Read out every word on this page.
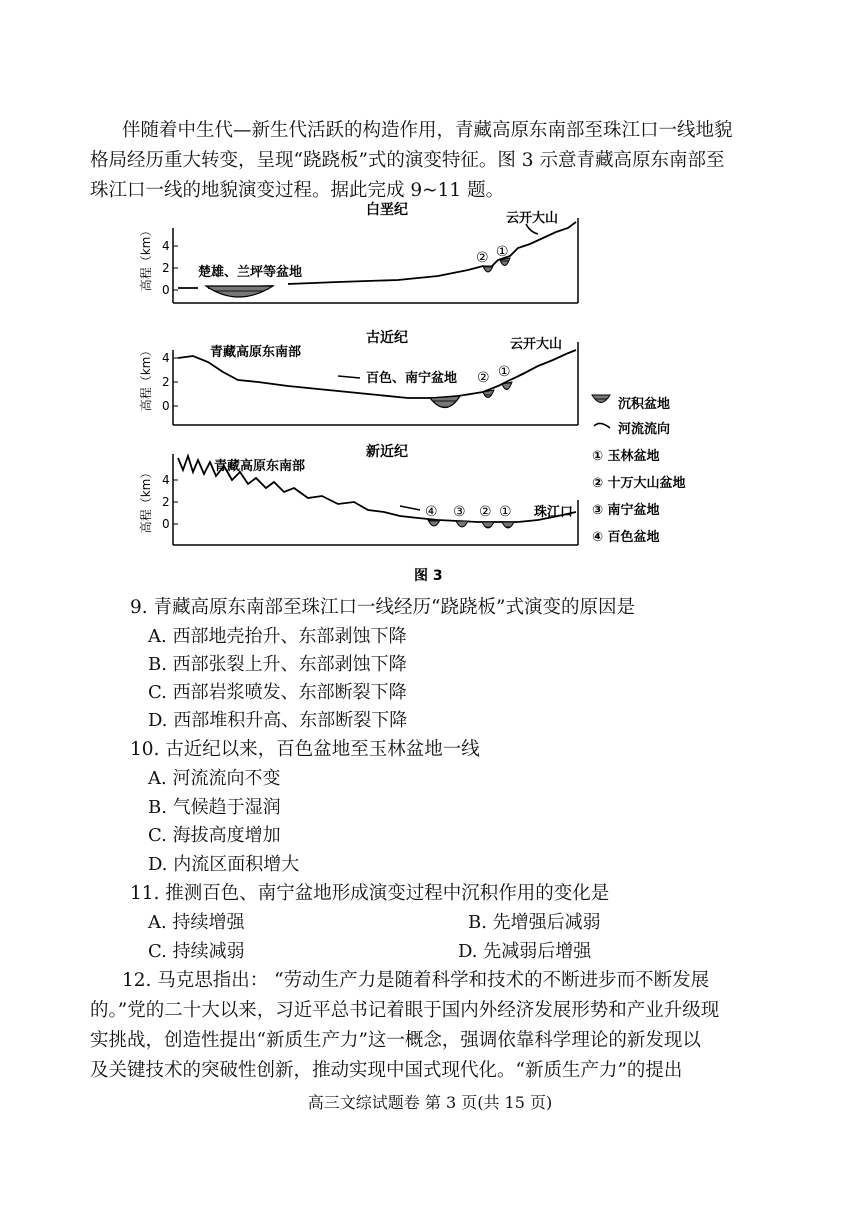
伴随着中生代—新生代活跃的构造作用，青藏高原东南部至珠江口一线地貌
格局经历重大转变，呈现“跷跷板”式的演变特征。图 3 示意青藏高原东南部至
珠江口一线的地貌演变过程。据此完成 9~11 题。
白垩纪
高程（km） 4
2
0
楚雄、兰坪等盆地
云开大山
② ①
古近纪
高程（km） 4
2
0
青藏高原东南部
百色、南宁盆地
云开大山
② ①
新近纪
高程（km） 4
2
0
青藏高原东南部
④ ③ ② ① 珠江口
沉积盆地
河流流向
① 玉林盆地
② 十万大山盆地
③ 南宁盆地
④ 百色盆地
图 3
9. 青藏高原东南部至珠江口一线经历“跷跷板”式演变的原因是
A. 西部地壳抬升、东部剥蚀下降
B. 西部张裂上升、东部剥蚀下降
C. 西部岩浆喷发、东部断裂下降
D. 西部堆积升高、东部断裂下降
10. 古近纪以来，百色盆地至玉林盆地一线
A. 河流流向不变
B. 气候趋于湿润
C. 海拔高度增加
D. 内流区面积增大
11. 推测百色、南宁盆地形成演变过程中沉积作用的变化是
A. 持续增强	B. 先增强后减弱
C. 持续减弱	D. 先减弱后增强
12. 马克思指出： “劳动生产力是随着科学和技术的不断进步而不断发展
的。”党的二十大以来，习近平总书记着眼于国内外经济发展形势和产业升级现
实挑战，创造性提出“新质生产力”这一概念，强调依靠科学理论的新发现以
及关键技术的突破性创新，推动实现中国式现代化。“新质生产力”的提出
高三文综试题卷 第 3 页(共 15 页)
